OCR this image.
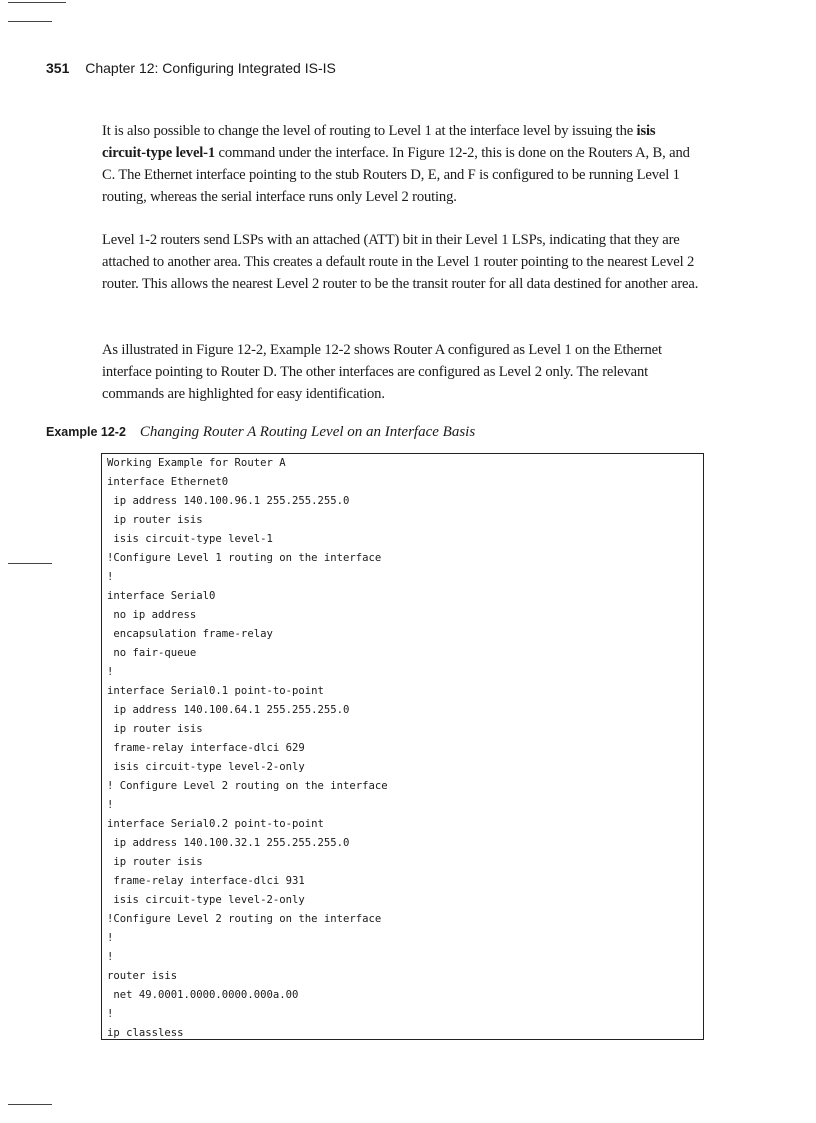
351 Chapter 12: Configuring Integrated IS-IS

It is also possible to change the level of routing to Level 1 at the interface level by issuing the isis circuit-type level-1 command under the interface. In Figure 12-2, this is done on the Routers A, B, and C. The Ethernet interface pointing to the stub Routers D, E, and F is configured to be running Level 1 routing, whereas the serial interface runs only Level 2 routing.

Level 1-2 routers send LSPs with an attached (ATT) bit in their Level 1 LSPs, indicating that they are attached to another area. This creates a default route in the Level 1 router pointing to the nearest Level 2 router. This allows the nearest Level 2 router to be the transit router for all data destined for another area.

As illustrated in Figure 12-2, Example 12-2 shows Router A configured as Level 1 on the Ethernet interface pointing to Router D. The other interfaces are configured as Level 2 only. The relevant commands are highlighted for easy identification.

Example 12-2 Changing Router A Routing Level on an Interface Basis
Working Example for Router A
interface Ethernet0
ip address 140.100.96.1 255.255.255.0
ip router isis
isis circuit-type level-1
!Configure Level 1 routing on the interface
!
interface Serial0
no ip address
encapsulation frame-relay
no fair-queue
!
interface Serial0.1 point-to-point
ip address 140.100.64.1 255.255.255.0
ip router isis
frame-relay interface-dlci 629
isis circuit-type level-2-only
! Configure Level 2 routing on the interface
!
interface Serial0.2 point-to-point
ip address 140.100.32.1 255.255.255.0
ip router isis
frame-relay interface-dlci 931
isis circuit-type level-2-only
!Configure Level 2 routing on the interface
!
!
router isis
net 49.0001.0000.0000.000a.00
!
ip classless
